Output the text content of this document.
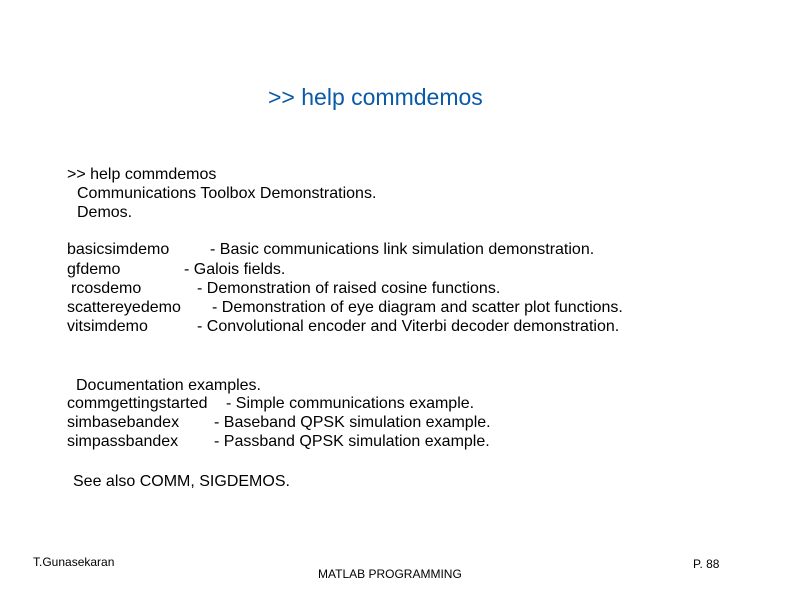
>> help commdemos
>> help commdemos
Communications Toolbox Demonstrations.
Demos.
basicsimdemo	- Basic communications link simulation demonstration.
gfdemo	- Galois fields.
rcosdemo	- Demonstration of raised cosine functions.
scattereyedemo - Demonstration of eye diagram and scatter plot functions.
vitsimdemo	- Convolutional encoder and Viterbi decoder demonstration.
Documentation examples.
commgettingstarted - Simple communications example.
simbasebandex - Baseband QPSK simulation example.
simpassbandex - Passband QPSK simulation example.
See also COMM, SIGDEMOS.
T.Gunasekaran
MATLAB PROGRAMMING
P. 88
